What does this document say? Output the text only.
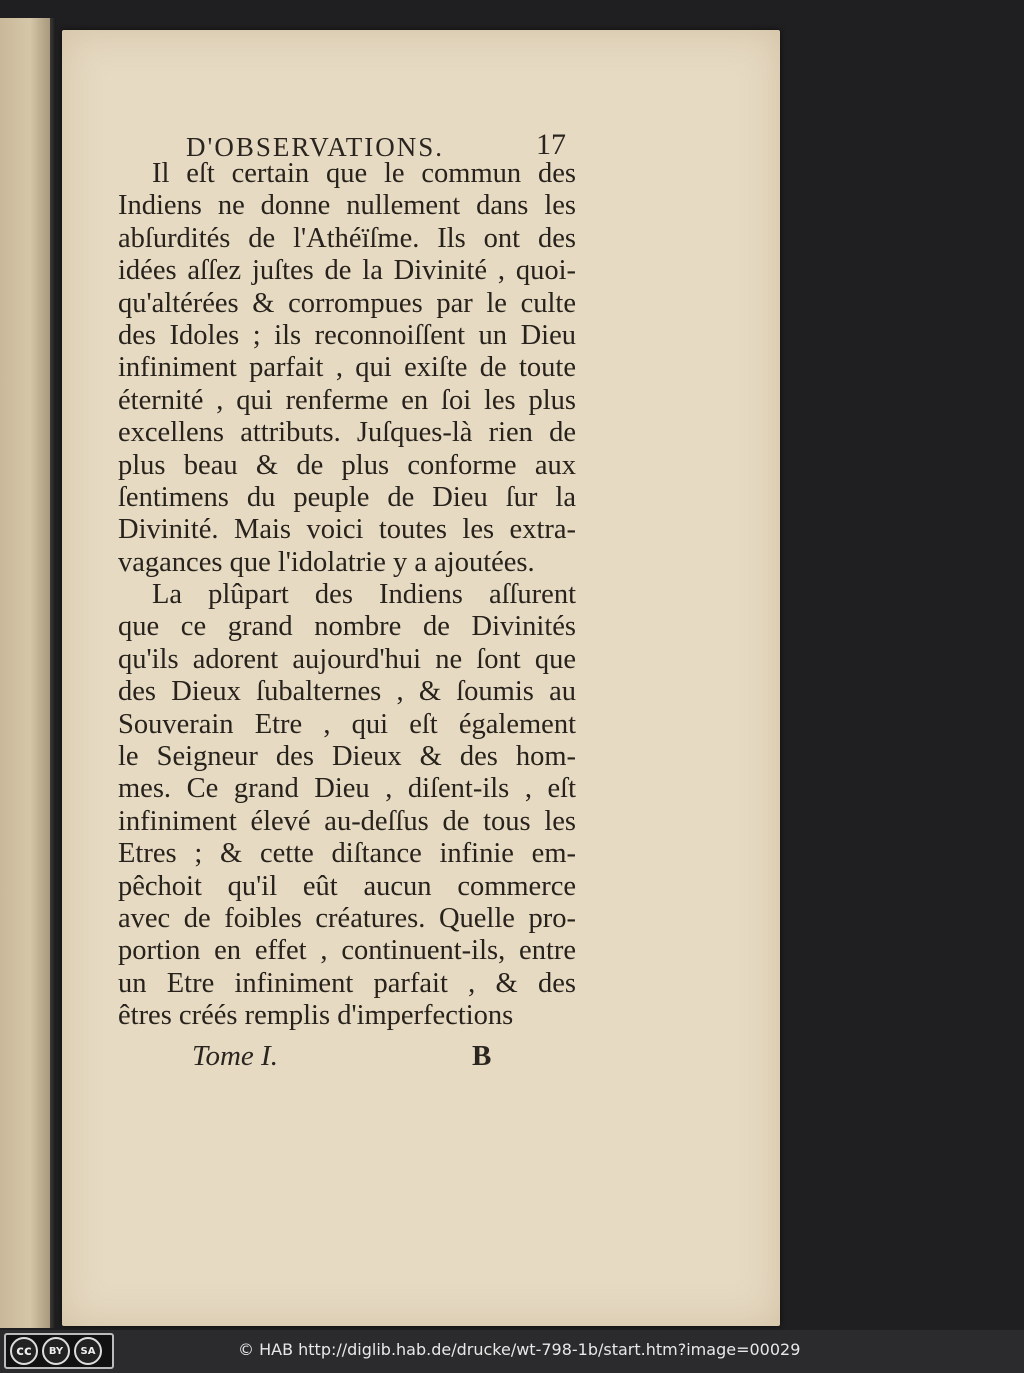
D'OBSERVATIONS.	17
Il eſt certain que le commun des
Indiens ne donne nullement dans les
abſurdités de l'Athéïſme. Ils ont des
idées aſſez juſtes de la Divinité , quoi-
qu'altérées & corrompues par le culte
des Idoles ; ils reconnoiſſent un Dieu
infiniment parfait , qui exiſte de toute
éternité , qui renferme en ſoi les plus
excellens attributs. Juſques-là rien de
plus beau & de plus conforme aux
ſentimens du peuple de Dieu ſur la
Divinité. Mais voici toutes les extra-
vagances que l'idolatrie y a ajoutées.
La plûpart des Indiens aſſurent
que ce grand nombre de Divinités
qu'ils adorent aujourd'hui ne ſont que
des Dieux ſubalternes , & ſoumis au
Souverain Etre , qui eſt également
le Seigneur des Dieux & des hom-
mes. Ce grand Dieu , diſent-ils , eſt
infiniment élevé au-deſſus de tous les
Etres ; & cette diſtance infinie em-
pêchoit qu'il eût aucun commerce
avec de foibles créatures. Quelle pro-
portion en effet , continuent-ils, entre
un Etre infiniment parfait , & des
êtres créés remplis d'imperfections
Tome I.	B
cc	BY	SA	© HAB http://diglib.hab.de/drucke/wt-798-1b/start.htm?image=00029
